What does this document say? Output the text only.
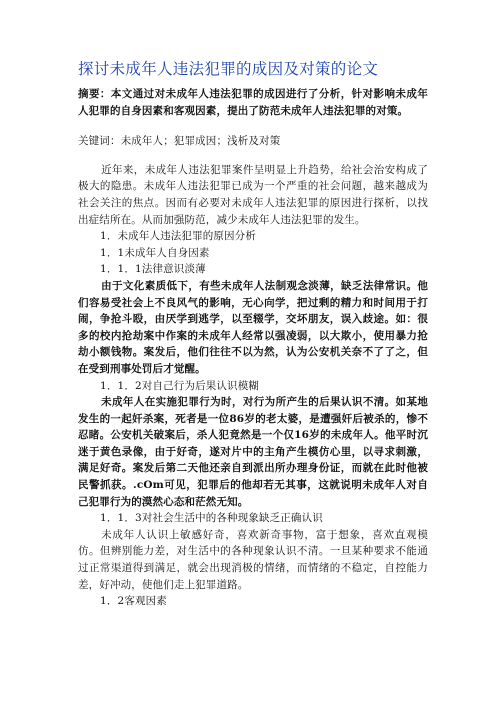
探讨未成年人违法犯罪的成因及对策的论文

摘要：本文通过对未成年人违法犯罪的成因进行了分析，针对影响未成年人犯罪的自身因素和客观因素，提出了防范未成年人违法犯罪的对策。

关键词：未成年人；犯罪成因；浅析及对策

近年来，未成年人违法犯罪案件呈明显上升趋势，给社会治安构成了极大的隐患。未成年人违法犯罪已成为一个严重的社会问题，越来越成为社会关注的焦点。因而有必要对未成年人违法犯罪的原因进行探析，以找出症结所在。从而加强防范，减少未成年人违法犯罪的发生。

1．未成年人违法犯罪的原因分析

1．1未成年人自身因素

1．1．1法律意识淡薄

由于文化素质低下，有些未成年人法制观念淡薄，缺乏法律常识。他们容易受社会上不良风气的影响，无心向学，把过剩的精力和时间用于打闹，争抢斗殴，由厌学到逃学，以至辍学，交坏朋友，误入歧途。如：很多的校内抢劫案中作案的未成年人经常以强凌弱，以大欺小，使用暴力抢劫小额钱物。案发后，他们往往不以为然，认为公安机关奈不了了之，但在受到刑事处罚后才觉醒。

1．1．2对自己行为后果认识模糊

未成年人在实施犯罪行为时，对行为所产生的后果认识不清。如某地发生的一起奸杀案，死者是一位86岁的老太婆，是遭强奸后被杀的，惨不忍睹。公安机关破案后，杀人犯竟然是一个仅16岁的未成年人。他平时沉迷于黄色录像，由于好奇，遂对片中的主角产生模仿心里，以寻求刺激，满足好奇。案发后第二天他还亲自到派出所办理身份证，而就在此时他被民警抓获。.cOm可见，犯罪后的他却若无其事，这就说明未成年人对自己犯罪行为的漠然心态和茫然无知。

1．1．3对社会生活中的各种现象缺乏正确认识

未成年人认识上敏感好奇，喜欢新奇事物，富于想象，喜欢直观模仿。但辨别能力差，对生活中的各种现象认识不清。一旦某种要求不能通过正常渠道得到满足，就会出现消极的情绪，而情绪的不稳定，自控能力差，好冲动，使他们走上犯罪道路。

1．2客观因素
